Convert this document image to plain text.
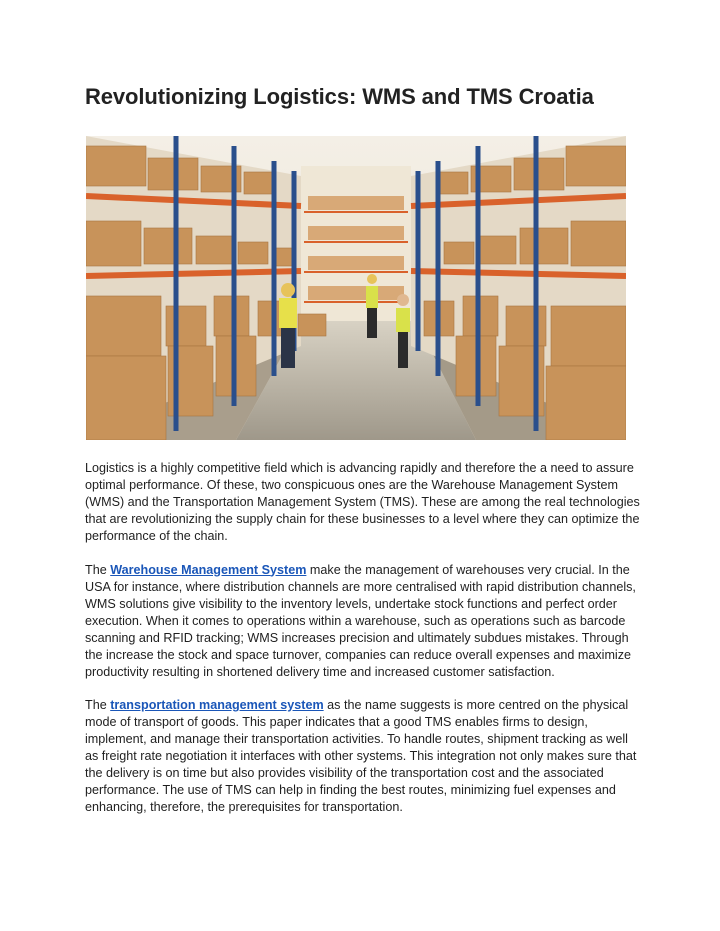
Revolutionizing Logistics: WMS and TMS Croatia

Logistics is a highly competitive field which is advancing rapidly and therefore the a need to assure optimal performance. Of these, two conspicuous ones are the Warehouse Management System (WMS) and the Transportation Management System (TMS). These are among the real technologies that are revolutionizing the supply chain for these businesses to a level where they can optimize the performance of the chain.

The Warehouse Management System make the management of warehouses very crucial. In the USA for instance, where distribution channels are more centralised with rapid distribution channels, WMS solutions give visibility to the inventory levels, undertake stock functions and perfect order execution. When it comes to operations within a warehouse, such as operations such as barcode scanning and RFID tracking; WMS increases precision and ultimately subdues mistakes. Through the increase the stock and space turnover, companies can reduce overall expenses and maximize productivity resulting in shortened delivery time and increased customer satisfaction.

The transportation management system as the name suggests is more centred on the physical mode of transport of goods. This paper indicates that a good TMS enables firms to design, implement, and manage their transportation activities. To handle routes, shipment tracking as well as freight rate negotiation it interfaces with other systems. This integration not only makes sure that the delivery is on time but also provides visibility of the transportation cost and the associated performance. The use of TMS can help in finding the best routes, minimizing fuel expenses and enhancing, therefore, the prerequisites for transportation.
